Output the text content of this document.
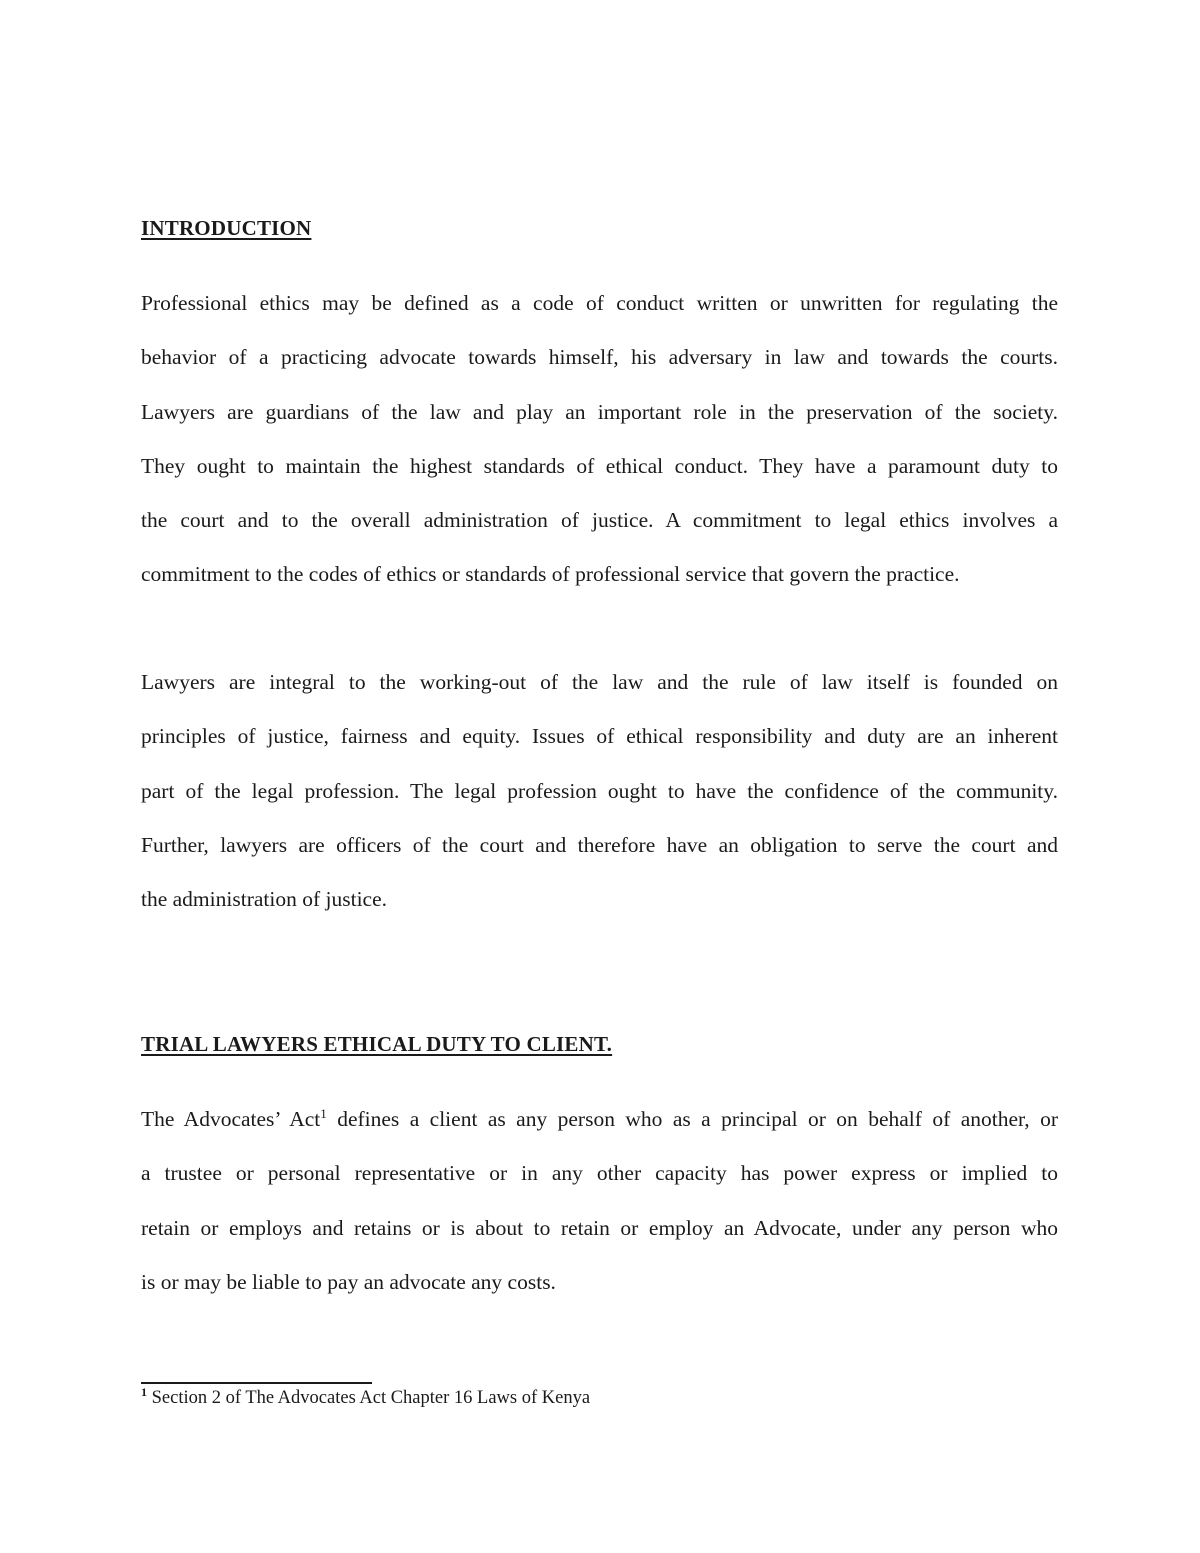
INTRODUCTION
Professional ethics may be defined as a code of conduct written or unwritten for regulating the
behavior of a practicing advocate towards himself, his adversary in law and towards the courts.
Lawyers are guardians of the law and play an important role in the preservation of the society.
They ought to maintain the highest standards of ethical conduct. They have a paramount duty to
the court and to the overall administration of justice. A commitment to legal ethics involves a
commitment to the codes of ethics or standards of professional service that govern the practice.
Lawyers are integral to the working-out of the law and the rule of law itself is founded on
principles of justice, fairness and equity. Issues of ethical responsibility and duty are an inherent
part of the legal profession. The legal profession ought to have the confidence of the community.
Further, lawyers are officers of the court and therefore have an obligation to serve the court and
the administration of justice.
TRIAL LAWYERS ETHICAL DUTY TO CLIENT.
The Advocates’ Act$^1$ defines a client as any person who as a principal or on behalf of another, or
a trustee or personal representative or in any other capacity has power express or implied to
retain or employs and retains or is about to retain or employ an Advocate, under any person who
is or may be liable to pay an advocate any costs.

$^1$ Section 2 of The Advocates Act Chapter 16 Laws of Kenya
